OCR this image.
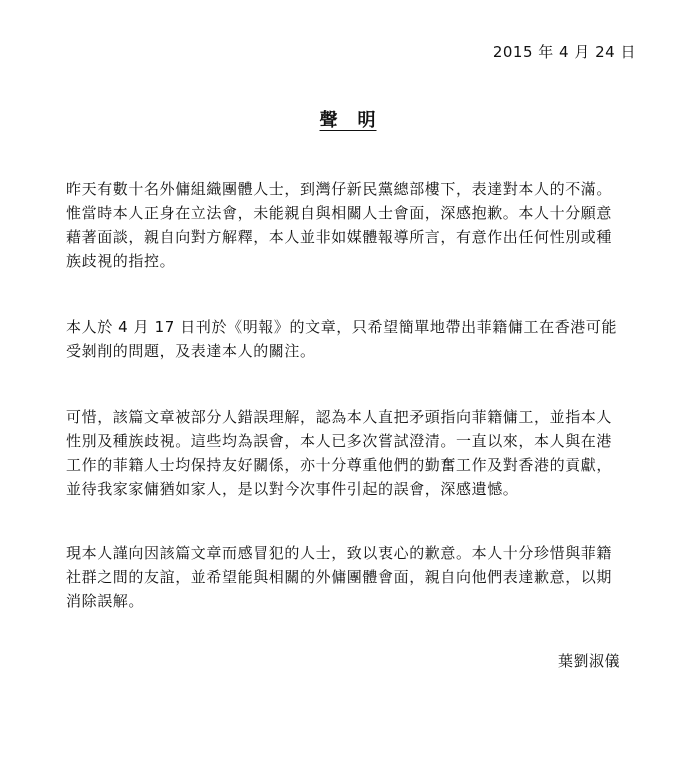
2015 年 4 月 24 日
聲　明

昨天有數十名外傭組織團體人士，到灣仔新民黨總部樓下，表達對本人的不滿。惟當時本人正身在立法會，未能親自與相關人士會面，深感抱歉。本人十分願意藉著面談，親自向對方解釋，本人並非如媒體報導所言，有意作出任何性別或種族歧視的指控。

本人於 4 月 17 日刊於《明報》的文章，只希望簡單地帶出菲籍傭工在香港可能受剝削的問題，及表達本人的關注。

可惜，該篇文章被部分人錯誤理解，認為本人直把矛頭指向菲籍傭工，並指本人性別及種族歧視。這些均為誤會，本人已多次嘗試澄清。一直以來，本人與在港工作的菲籍人士均保持友好關係，亦十分尊重他們的勤奮工作及對香港的貢獻，並待我家家傭猶如家人，是以對今次事件引起的誤會，深感遺憾。

現本人謹向因該篇文章而感冒犯的人士，致以衷心的歉意。本人十分珍惜與菲籍社群之間的友誼，並希望能與相關的外傭團體會面，親自向他們表達歉意，以期消除誤解。

葉劉淑儀
